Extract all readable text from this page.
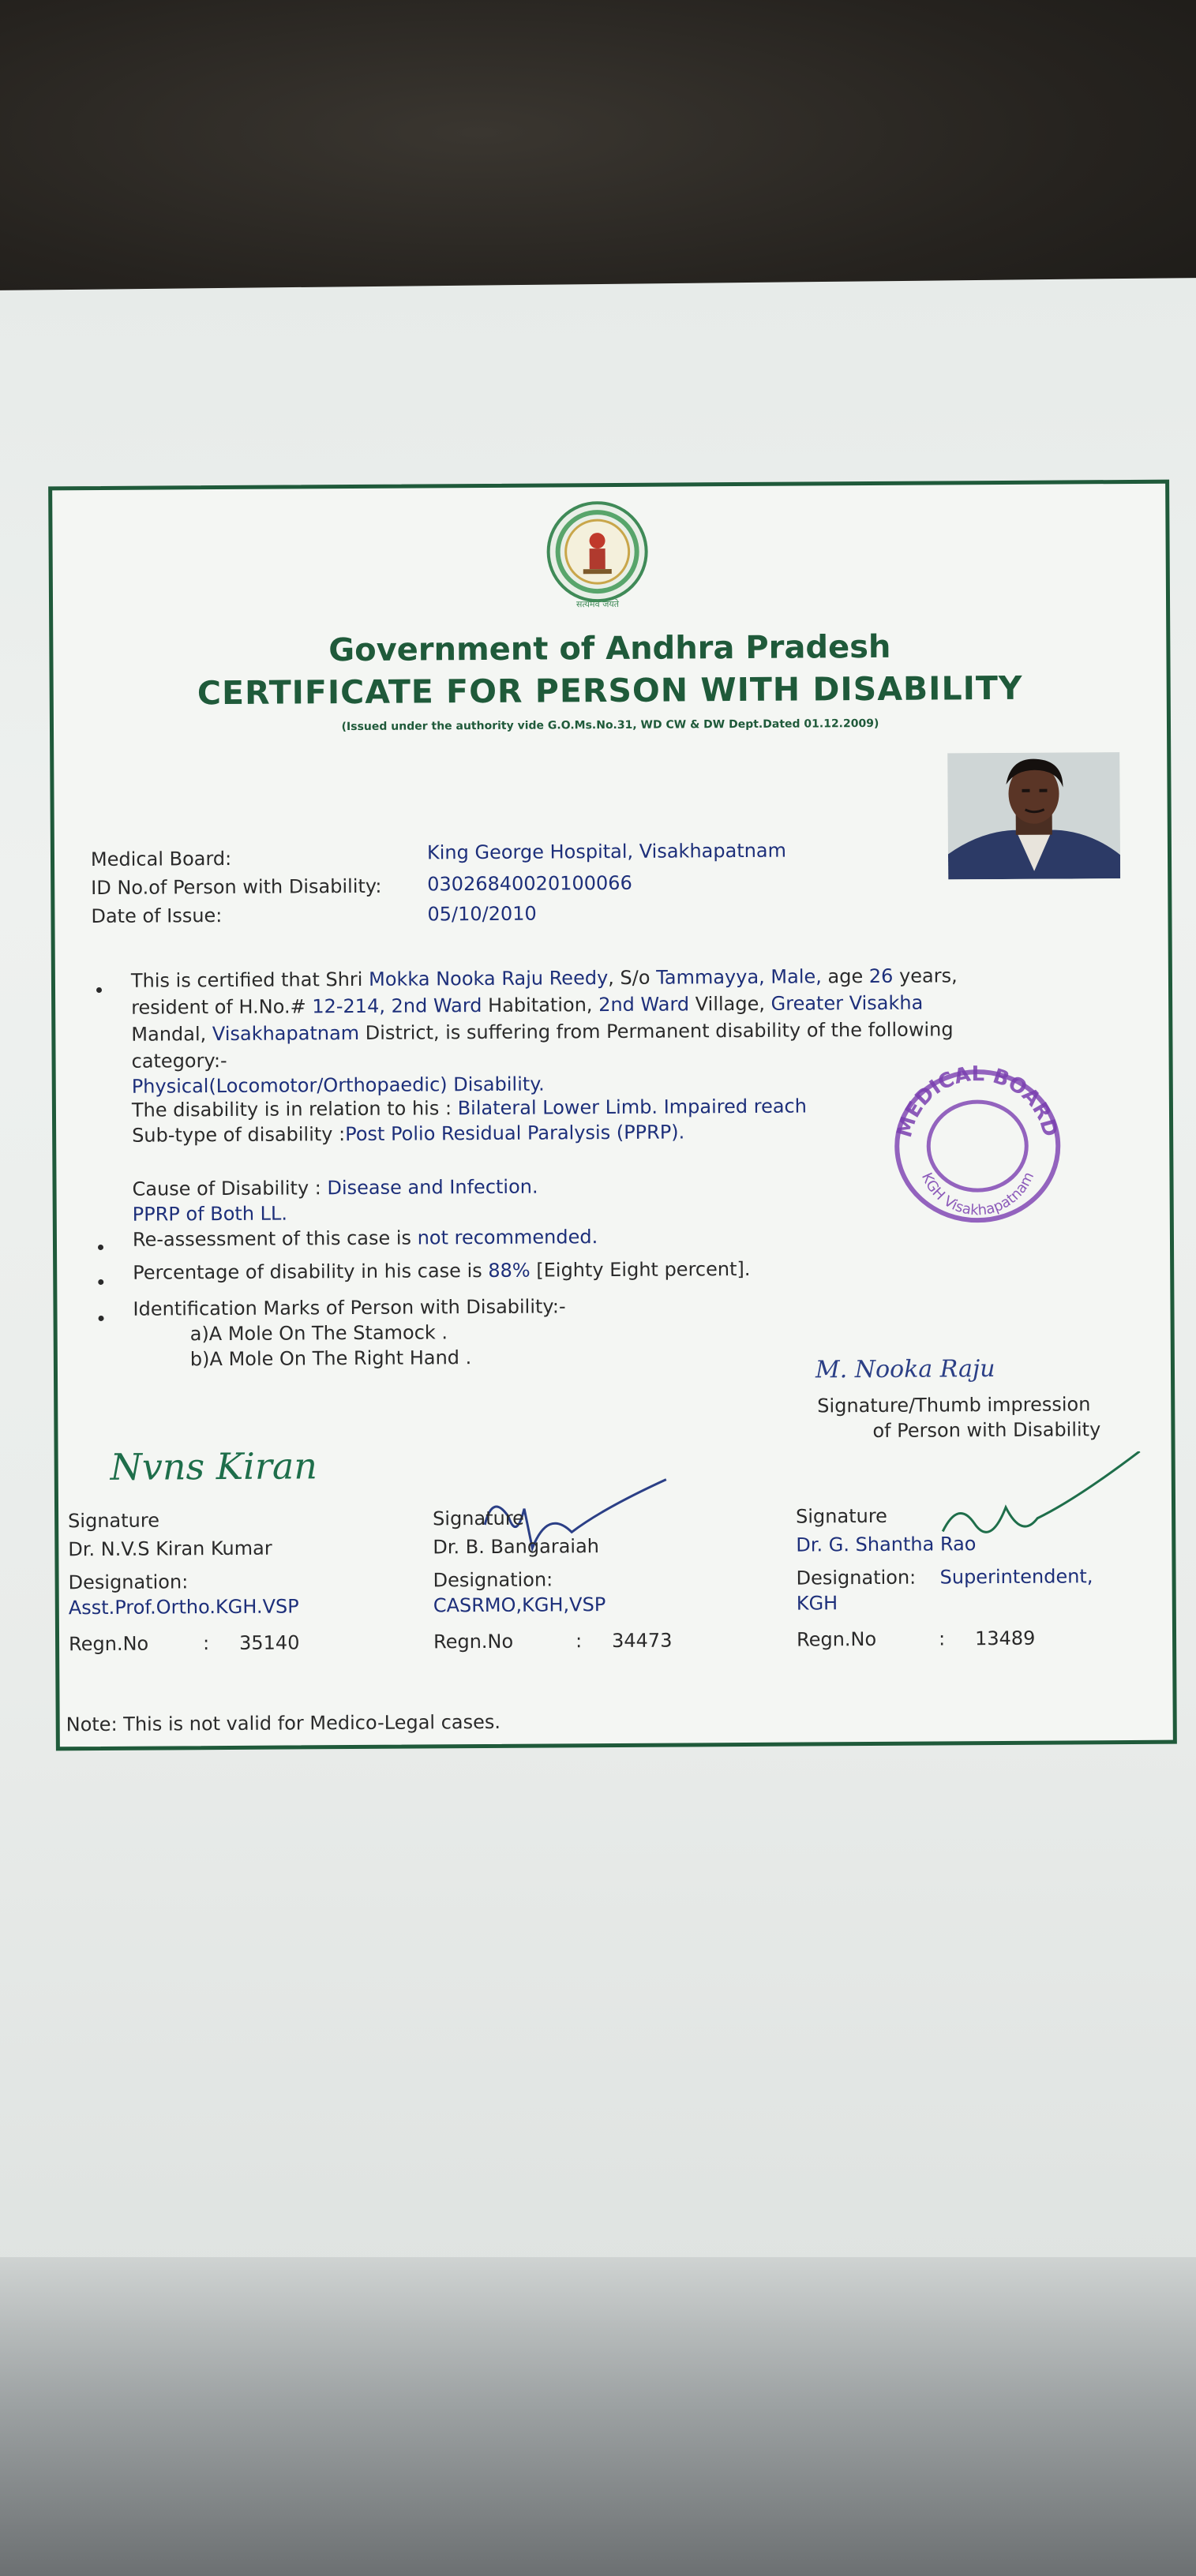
सत्यमेव जयते
Government of Andhra Pradesh
CERTIFICATE FOR PERSON WITH DISABILITY
(Issued under the authority vide G.O.Ms.No.31, WD CW & DW Dept.Dated 01.12.2009)
Medical Board:	King George Hospital, Visakhapatnam
ID No.of Person with Disability: 03026840020100066
Date of Issue:	05/10/2010
This is certified that Shri Mokka Nooka Raju Reedy, S/o Tammayya, Male, age 26 years,
resident of H.No.# 12-214, 2nd Ward Habitation, 2nd Ward Village, Greater Visakha
Mandal, Visakhapatnam District, is suffering from Permanent disability of the following
category:-
Physical(Locomotor/Orthopaedic) Disability.
The disability is in relation to his : Bilateral Lower Limb. Impaired reach
Sub-type of disability :Post Polio Residual Paralysis (PPRP).
Cause of Disability : Disease and Infection.
PPRP of Both LL.
Re-assessment of this case is not recommended.
Percentage of disability in his case is 88% [Eighty Eight percent].
Identification Marks of Person with Disability:-
a)A Mole On The Stamock .
b)A Mole On The Right Hand .
MEDICAL BOARD
KGH Visakhapatnam
M. Nooka Raju
Signature/Thumb impression
of Person with Disability
Nvns Kiran
Signature
Dr. N.V.S Kiran Kumar
Designation:
Asst.Prof.Ortho.KGH.VSP
Regn.No	: 35140
Signature
Dr. B. Bangaraiah
Designation:
CASRMO,KGH,VSP
Regn.No	: 34473
Signature
Dr. G. Shantha Rao
Designation: Superintendent,
KGH
Regn.No	: 13489
Note: This is not valid for Medico-Legal cases.
